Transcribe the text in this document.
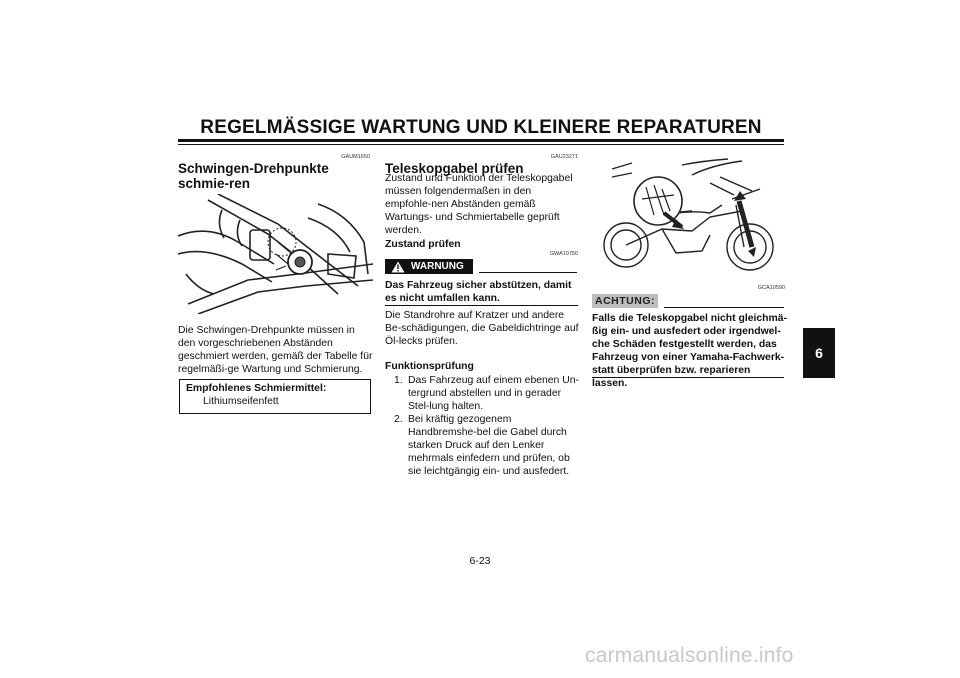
REGELMÄSSIGE WARTUNG UND KLEINERE REPARATUREN
6
GAUM1650
Schwingen-Drehpunkte schmie-ren

Die Schwingen-Drehpunkte müssen in den vorgeschriebenen Abständen geschmiert werden, gemäß der Tabelle für regelmäßi-ge Wartung und Schmierung.

Empfohlenes Schmiermittel:
Lithiumseifenfett
GAU23271
Teleskopgabel prüfen

Zustand und Funktion der Teleskopgabel müssen folgendermaßen in den empfohle-nen Abständen gemäß Wartungs- und Schmiertabelle geprüft werden.

Zustand prüfen
GWA10750
WARNUNG

Das Fahrzeug sicher abstützen, damit es nicht umfallen kann.

Die Standrohre auf Kratzer und andere Be-schädigungen, die Gabeldichtringe auf Öl-lecks prüfen.

Funktionsprüfung
1. Das Fahrzeug auf einem ebenen Un-tergrund abstellen und in gerader Stel-lung halten.
2. Bei kräftig gezogenem Handbremshe-bel die Gabel durch starken Druck auf den Lenker mehrmals einfedern und prüfen, ob sie leichtgängig ein- und ausfedert.
GCA10590
ACHTUNG:

Falls die Teleskopgabel nicht gleichmä-ßig ein- und ausfedert oder irgendwel-che Schäden festgestellt werden, das Fahrzeug von einer Yamaha-Fachwerk-statt überprüfen bzw. reparieren lassen.

6-23
carmanualsonline.info
